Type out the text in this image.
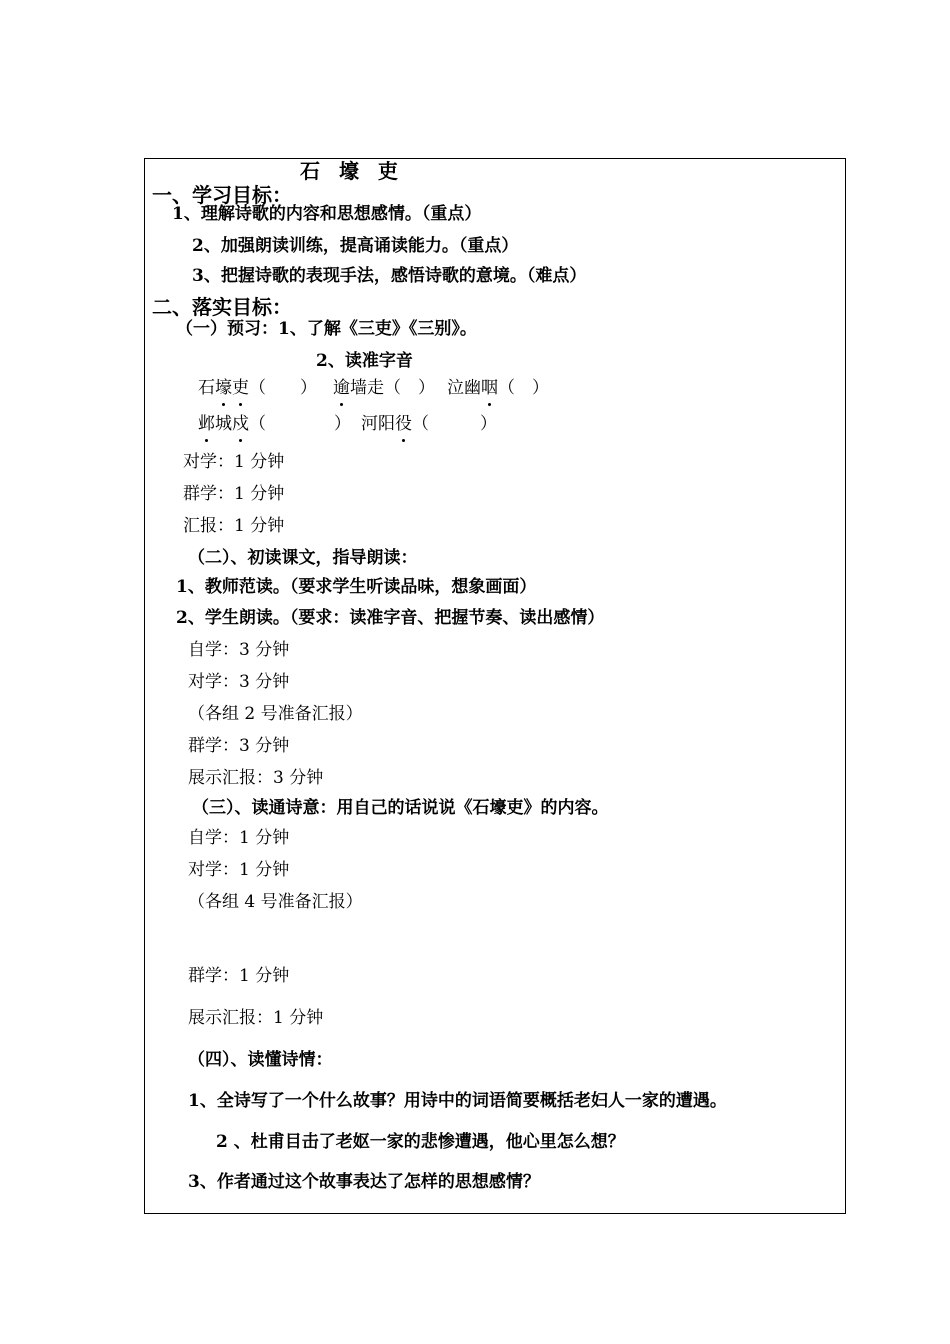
石 壕 吏
一、学习目标：
1、理解诗歌的内容和思想感情。（重点）
2、加强朗读训练，提高诵读能力。（重点）
3、把握诗歌的表现手法，感悟诗歌的意境。（难点）
二、落实目标：
（一）预习：1、了解《三吏》《三别》。
2、读准字音
石壕吏（　　） 逾墙走（　） 泣幽咽（　）
邺城戍（　　　　） 河阳役（　　　）
对学：1 分钟
群学：1 分钟
汇报：1 分钟
（二）、初读课文，指导朗读：
1、教师范读。（要求学生听读品味，想象画面）
2、学生朗读。（要求：读准字音、把握节奏、读出感情）
自学：3 分钟
对学：3 分钟
（各组 2 号准备汇报）
群学：3 分钟
展示汇报：3 分钟
（三）、读通诗意：用自己的话说说《石壕吏》的内容。
自学：1 分钟
对学：1 分钟
（各组 4 号准备汇报）
群学：1 分钟
展示汇报：1 分钟
（四）、读懂诗情：
1、全诗写了一个什么故事？用诗中的词语简要概括老妇人一家的遭遇。
2 、杜甫目击了老妪一家的悲惨遭遇，他心里怎么想？
3、作者通过这个故事表达了怎样的思想感情？
